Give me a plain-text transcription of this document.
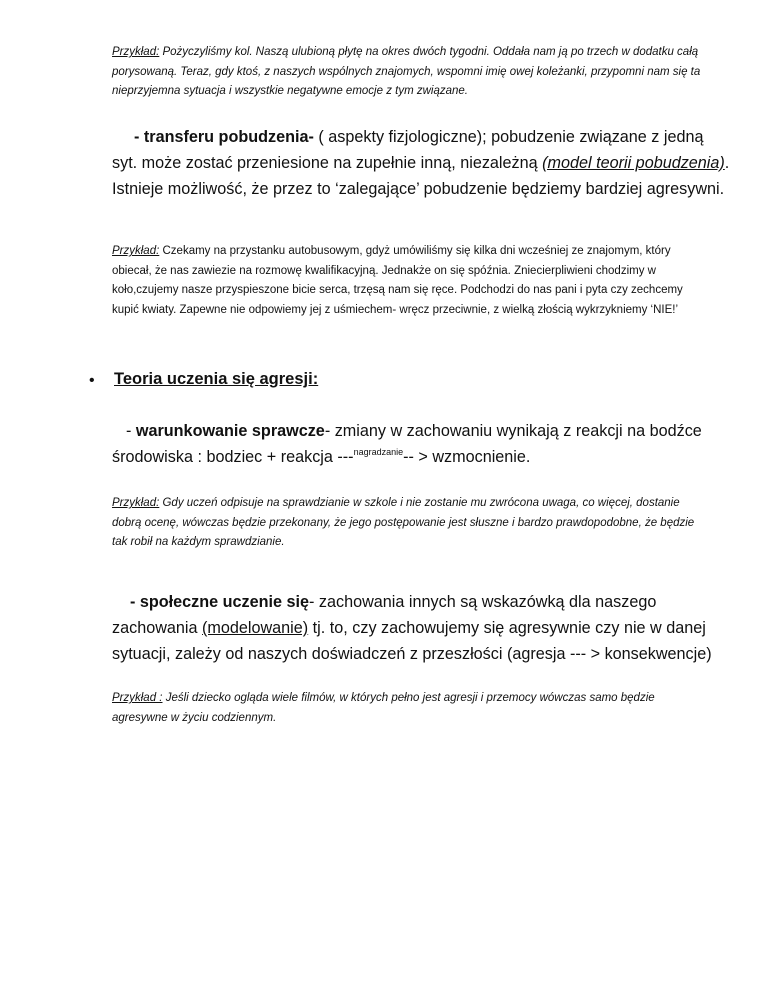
Przykład: Pożyczyliśmy kol. Naszą ulubioną płytę na okres dwóch tygodni. Oddała nam ją po trzech w dodatku całą porysowaną. Teraz, gdy ktoś, z naszych wspólnych znajomych, wspomni imię owej koleżanki, przypomni nam się ta nieprzyjemna sytuacja i wszystkie negatywne emocje z tym związane.
- transferu pobudzenia- ( aspekty fizjologiczne); pobudzenie związane z jedną syt. może zostać przeniesione na zupełnie inną, niezależną (model teorii pobudzenia). Istnieje możliwość, że przez to ‘zalegające’ pobudzenie będziemy bardziej agresywni.
Przykład: Czekamy na przystanku autobusowym, gdyż umówiliśmy się kilka dni wcześniej ze znajomym, który obiecał, że nas zawiezie na rozmowę kwalifikacyjną. Jednakże on się spóźnia. Zniecierpliwieni chodzimy w koło,czujemy nasze przyspieszone bicie serca, trzęsą nam się ręce. Podchodzi do nas pani i pyta czy zechcemy kupić kwiaty. Zapewne nie odpowiemy jej z uśmiechem- wręcz przeciwnie, z wielką złością wykrzykniemy ‘NIE!’
• Teoria uczenia się agresji:
- warunkowanie sprawcze- zmiany w zachowaniu wynikają z reakcji na bodźce środowiska : bodziec + reakcja ---$^{nagradzanie}$-- > wzmocnienie.
Przykład: Gdy uczeń odpisuje na sprawdzianie w szkole i nie zostanie mu zwrócona uwaga, co więcej, dostanie dobrą ocenę, wówczas będzie przekonany, że jego postępowanie jest słuszne i bardzo prawdopodobne, że będzie tak robił na każdym sprawdzianie.
- społeczne uczenie się- zachowania innych są wskazówką dla naszego zachowania (modelowanie) tj. to, czy zachowujemy się agresywnie czy nie w danej sytuacji, zależy od naszych doświadczeń z przeszłości (agresja --- > konsekwencje)
Przykład : Jeśli dziecko ogląda wiele filmów, w których pełno jest agresji i przemocy wówczas samo będzie agresywne w życiu codziennym.
